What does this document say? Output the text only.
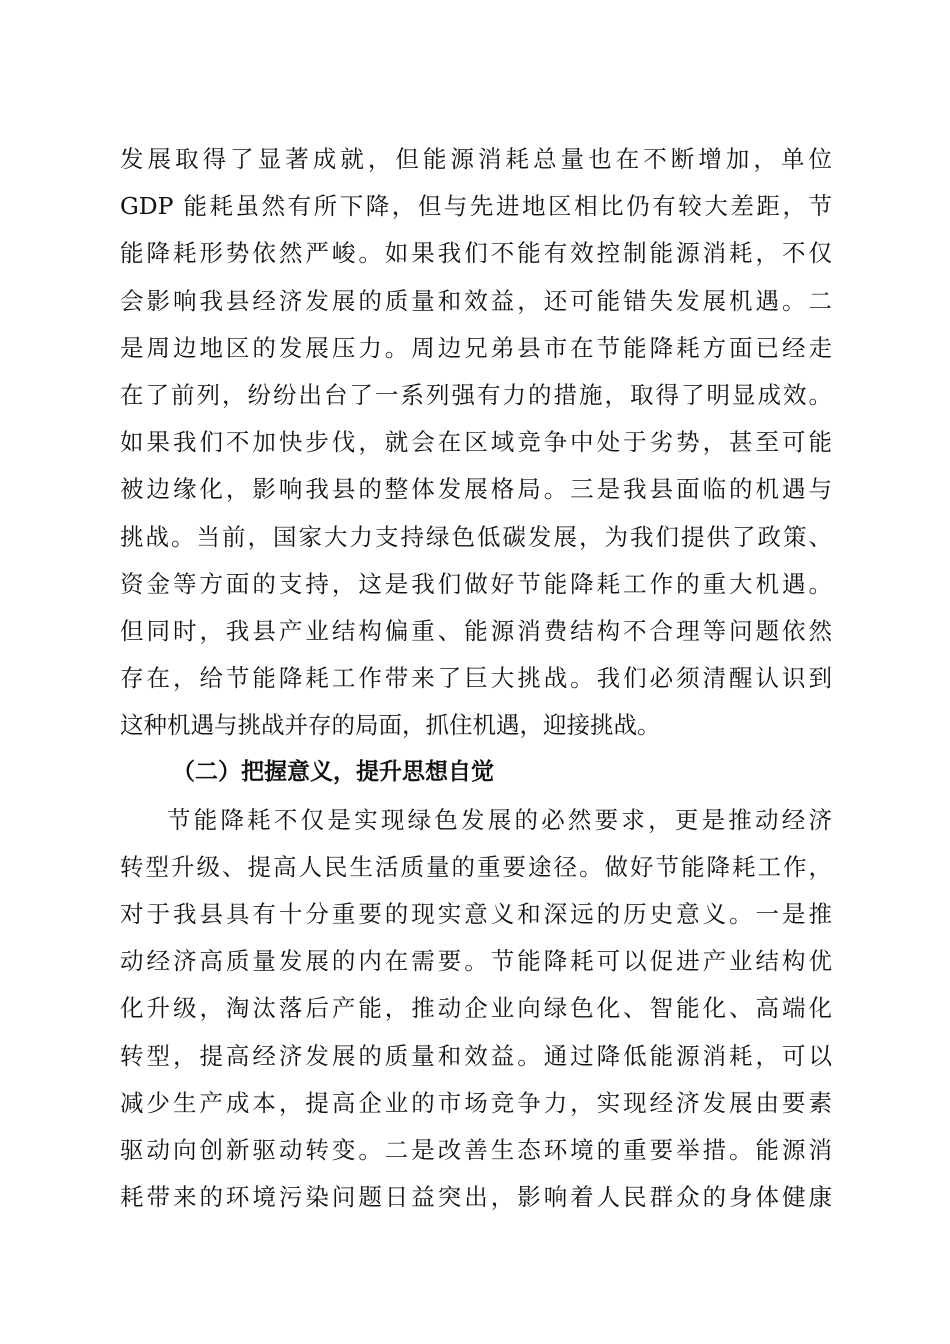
发展取得了显著成就，但能源消耗总量也在不断增加，单位
GDP 能耗虽然有所下降，但与先进地区相比仍有较大差距，节
能降耗形势依然严峻。如果我们不能有效控制能源消耗，不仅
会影响我县经济发展的质量和效益，还可能错失发展机遇。二
是周边地区的发展压力。周边兄弟县市在节能降耗方面已经走
在了前列，纷纷出台了一系列强有力的措施，取得了明显成效。
如果我们不加快步伐，就会在区域竞争中处于劣势，甚至可能
被边缘化，影响我县的整体发展格局。三是我县面临的机遇与
挑战。当前，国家大力支持绿色低碳发展，为我们提供了政策、
资金等方面的支持，这是我们做好节能降耗工作的重大机遇。
但同时，我县产业结构偏重、能源消费结构不合理等问题依然
存在，给节能降耗工作带来了巨大挑战。我们必须清醒认识到
这种机遇与挑战并存的局面，抓住机遇，迎接挑战。
（二）把握意义，提升思想自觉
节能降耗不仅是实现绿色发展的必然要求，更是推动经济
转型升级、提高人民生活质量的重要途径。做好节能降耗工作，
对于我县具有十分重要的现实意义和深远的历史意义。一是推
动经济高质量发展的内在需要。节能降耗可以促进产业结构优
化升级，淘汰落后产能，推动企业向绿色化、智能化、高端化
转型，提高经济发展的质量和效益。通过降低能源消耗，可以
减少生产成本，提高企业的市场竞争力，实现经济发展由要素
驱动向创新驱动转变。二是改善生态环境的重要举措。能源消
耗带来的环境污染问题日益突出，影响着人民群众的身体健康
